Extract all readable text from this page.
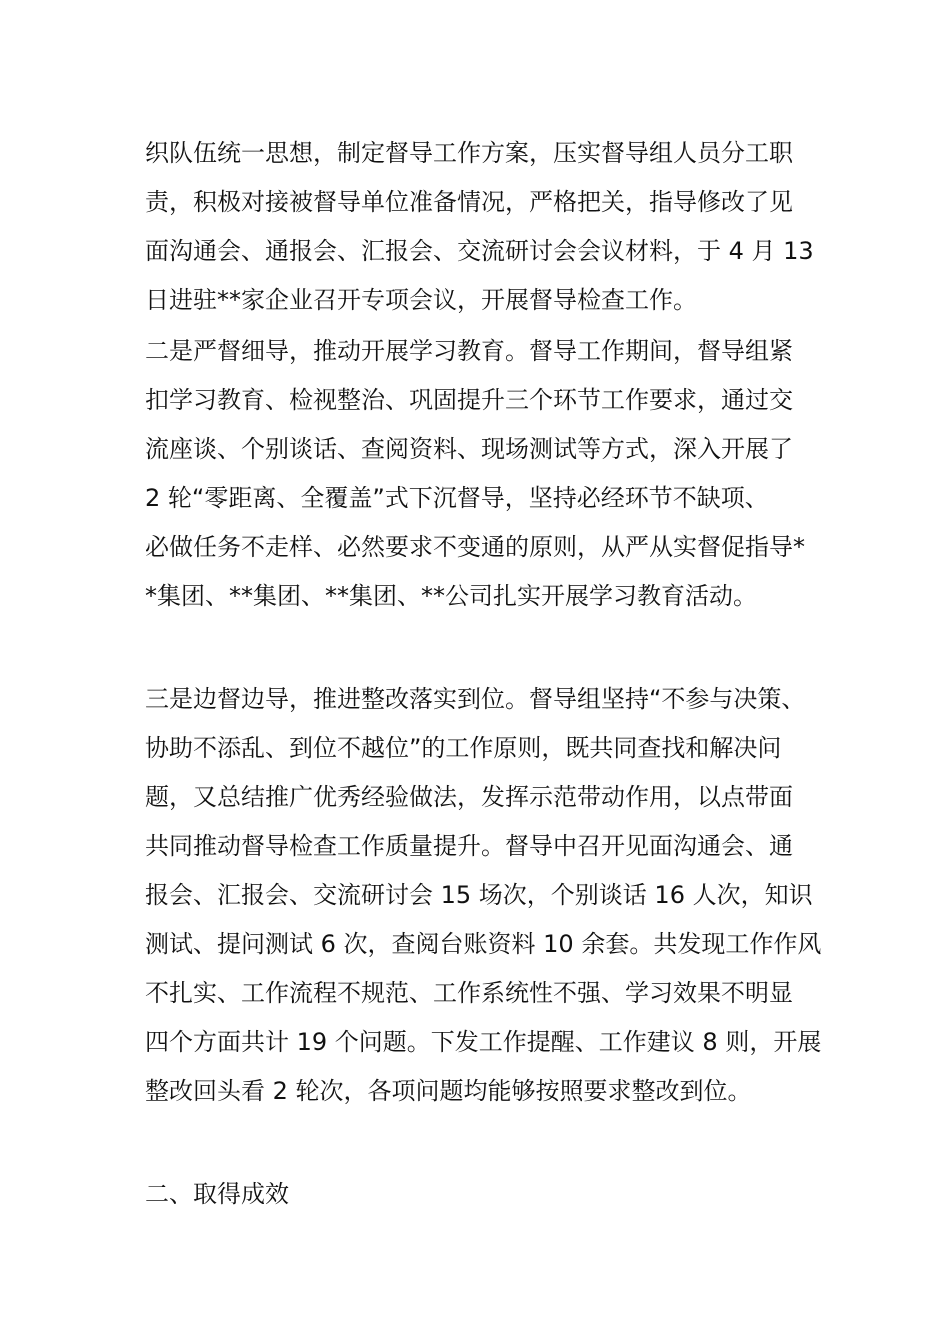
织队伍统一思想，制定督导工作方案，压实督导组人员分工职
责，积极对接被督导单位准备情况，严格把关，指导修改了见
面沟通会、通报会、汇报会、交流研讨会会议材料，于 4 月 13
日进驻**家企业召开专项会议，开展督导检查工作。
二是严督细导，推动开展学习教育。督导工作期间，督导组紧
扣学习教育、检视整治、巩固提升三个环节工作要求，通过交
流座谈、个别谈话、查阅资料、现场测试等方式，深入开展了
2 轮“零距离、全覆盖”式下沉督导，坚持必经环节不缺项、
必做任务不走样、必然要求不变通的原则，从严从实督促指导*
*集团、**集团、**集团、**公司扎实开展学习教育活动。
三是边督边导，推进整改落实到位。督导组坚持“不参与决策、
协助不添乱、到位不越位”的工作原则，既共同查找和解决问
题，又总结推广优秀经验做法，发挥示范带动作用，以点带面
共同推动督导检查工作质量提升。督导中召开见面沟通会、通
报会、汇报会、交流研讨会 15 场次，个别谈话 16 人次，知识
测试、提问测试 6 次，查阅台账资料 10 余套。共发现工作作风
不扎实、工作流程不规范、工作系统性不强、学习效果不明显
四个方面共计 19 个问题。下发工作提醒、工作建议 8 则，开展
整改回头看 2 轮次，各项问题均能够按照要求整改到位。
二、取得成效
